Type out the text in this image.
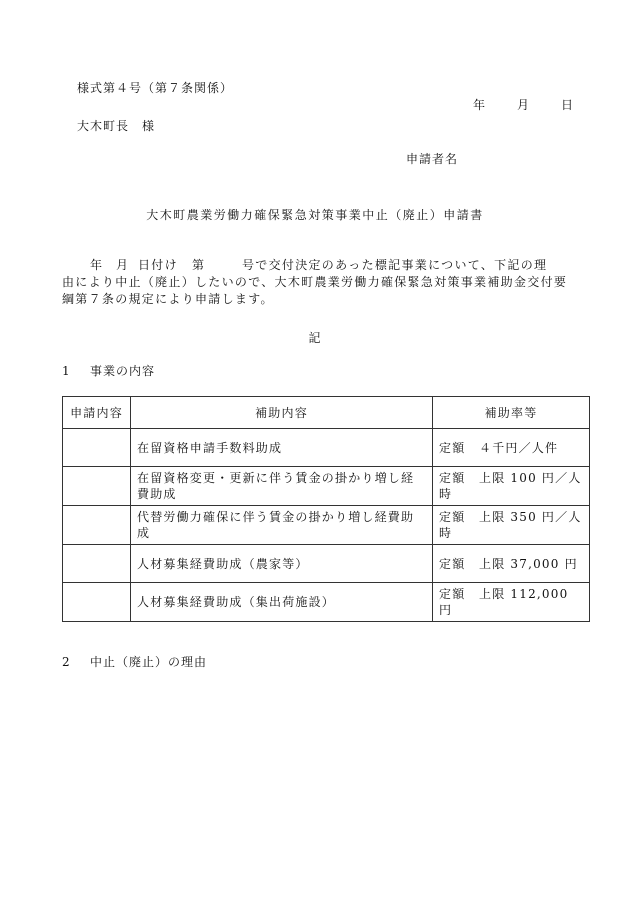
様式第４号（第７条関係）
年	月	日
大木町長　様
申請者名
大木町農業労働力確保緊急対策事業中止（廃止）申請書
年 月 日付け 第	号で交付決定のあった標記事業について、下記の理
由により中止（廃止）したいので、大木町農業労働力確保緊急対策事業補助金交付要
綱第７条の規定により申請します。
記
1 事業の内容
申請内容	補助内容	補助率等
	在留資格申請手数料助成	定額 ４千円／人件
	在留資格変更・更新に伴う賃金の掛かり増し経費助成	定額 上限 100 円／人時
	代替労働力確保に伴う賃金の掛かり増し経費助成	定額 上限 350 円／人時
	人材募集経費助成（農家等）	定額 上限 37,000 円
	人材募集経費助成（集出荷施設）	定額 上限 112,000 円
2 中止（廃止）の理由
